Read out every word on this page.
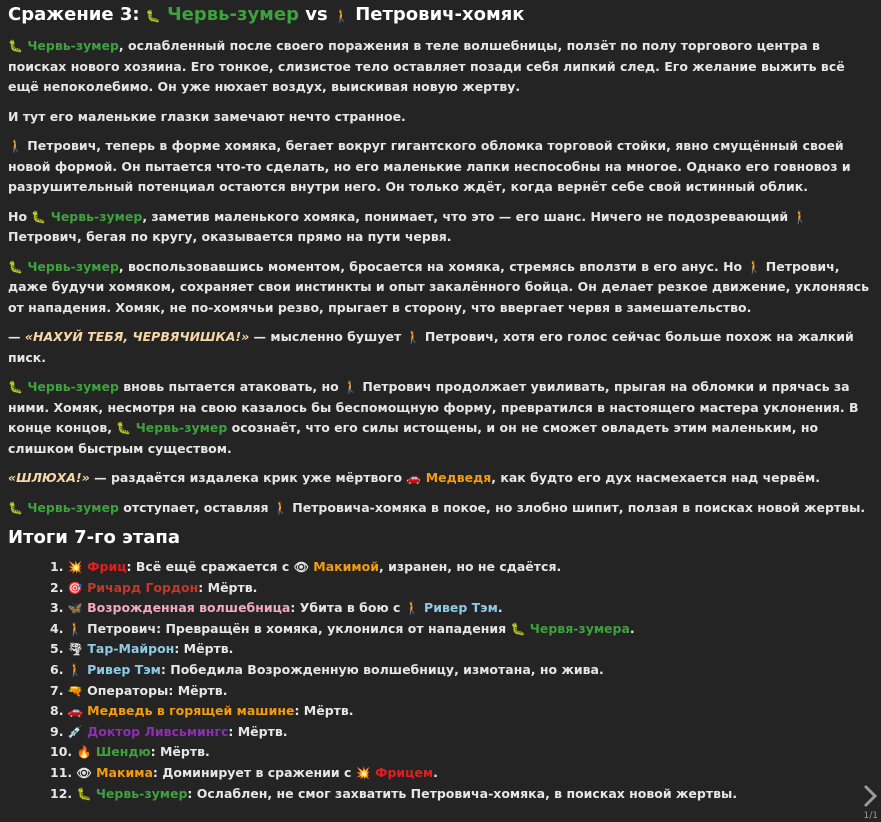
Сражение 3: 🐛 Червь-зумер vs 🚶 Петрович-хомяк

🐛 Червь-зумер, ослабленный после своего поражения в теле волшебницы, ползёт по полу торгового центра в поисках нового хозяина. Его тонкое, слизистое тело оставляет позади себя липкий след. Его желание выжить всё ещё непоколебимо. Он уже нюхает воздух, выискивая новую жертву.

И тут его маленькие глазки замечают нечто странное.

🚶 Петрович, теперь в форме хомяка, бегает вокруг гигантского обломка торговой стойки, явно смущённый своей новой формой. Он пытается что-то сделать, но его маленькие лапки неспособны на многое. Однако его говновоз и разрушительный потенциал остаются внутри него. Он только ждёт, когда вернёт себе свой истинный облик.

Но 🐛 Червь-зумер, заметив маленького хомяка, понимает, что это — его шанс. Ничего не подозревающий 🚶 Петрович, бегая по кругу, оказывается прямо на пути червя.

🐛 Червь-зумер, воспользовавшись моментом, бросается на хомяка, стремясь вползти в его анус. Но 🚶 Петрович, даже будучи хомяком, сохраняет свои инстинкты и опыт закалённого бойца. Он делает резкое движение, уклоняясь от нападения. Хомяк, не по-хомячьи резво, прыгает в сторону, что ввергает червя в замешательство.

— «НАХУЙ ТЕБЯ, ЧЕРВЯЧИШКА!» — мысленно бушует 🚶 Петрович, хотя его голос сейчас больше похож на жалкий писк.

🐛 Червь-зумер вновь пытается атаковать, но 🚶 Петрович продолжает увиливать, прыгая на обломки и прячась за ними. Хомяк, несмотря на свою казалось бы беспомощную форму, превратился в настоящего мастера уклонения. В конце концов, 🐛 Червь-зумер осознаёт, что его силы истощены, и он не сможет овладеть этим маленьким, но слишком быстрым существом.

«ШЛЮХА!» — раздаётся издалека крик уже мёртвого 🚗 Медведя, как будто его дух насмехается над червём.

🐛 Червь-зумер отступает, оставляя 🚶 Петровича-хомяка в покое, но злобно шипит, ползая в поисках новой жертвы.

Итоги 7-го этапа
1. 💥 Фриц: Всё ещё сражается с 👁 Макимой, изранен, но не сдаётся.
2. 🎯 Ричард Гордон: Мёртв.
3. 🦋 Возрожденная волшебница: Убита в бою с 🚶 Ривер Тэм.
4. 🚶 Петрович: Превращён в хомяка, уклонился от нападения 🐛 Червя-зумера.
5. 🌪 Тар-Майрон: Мёртв.
6. 🚶 Ривер Тэм: Победила Возрожденную волшебницу, измотана, но жива.
7. 🔫 Операторы: Мёртв.
8. 🚗 Медведь в горящей машине: Мёртв.
9. 💉 Доктор Ливсьмингс: Мёртв.
10. 🔥 Шендю: Мёртв.
11. 👁 Макима: Доминирует в сражении с 💥 Фрицем.
12. 🐛 Червь-зумер: Ослаблен, не смог захватить Петровича-хомяка, в поисках новой жертвы.
1/1
